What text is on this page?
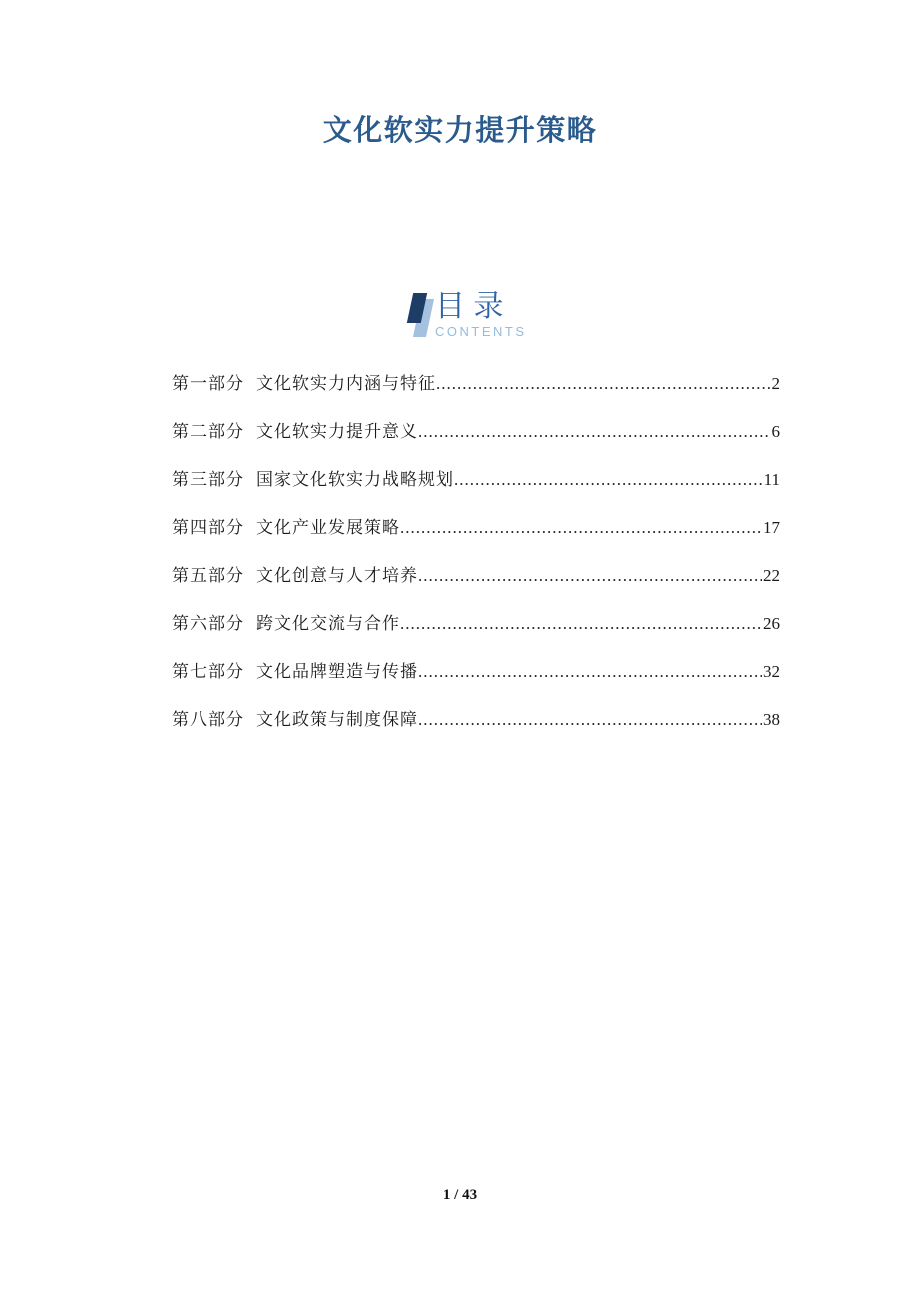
文化软实力提升策略
目 录
CONTENTS
第一部分 文化软实力内涵与特征 .....	2
第二部分 文化软实力提升意义 .....	6
第三部分 国家文化软实力战略规划 .....	11
第四部分 文化产业发展策略 .....	17
第五部分 文化创意与人才培养 .....	22
第六部分 跨文化交流与合作 .....	26
第七部分 文化品牌塑造与传播 .....	32
第八部分 文化政策与制度保障 .....	38
1 / 43
